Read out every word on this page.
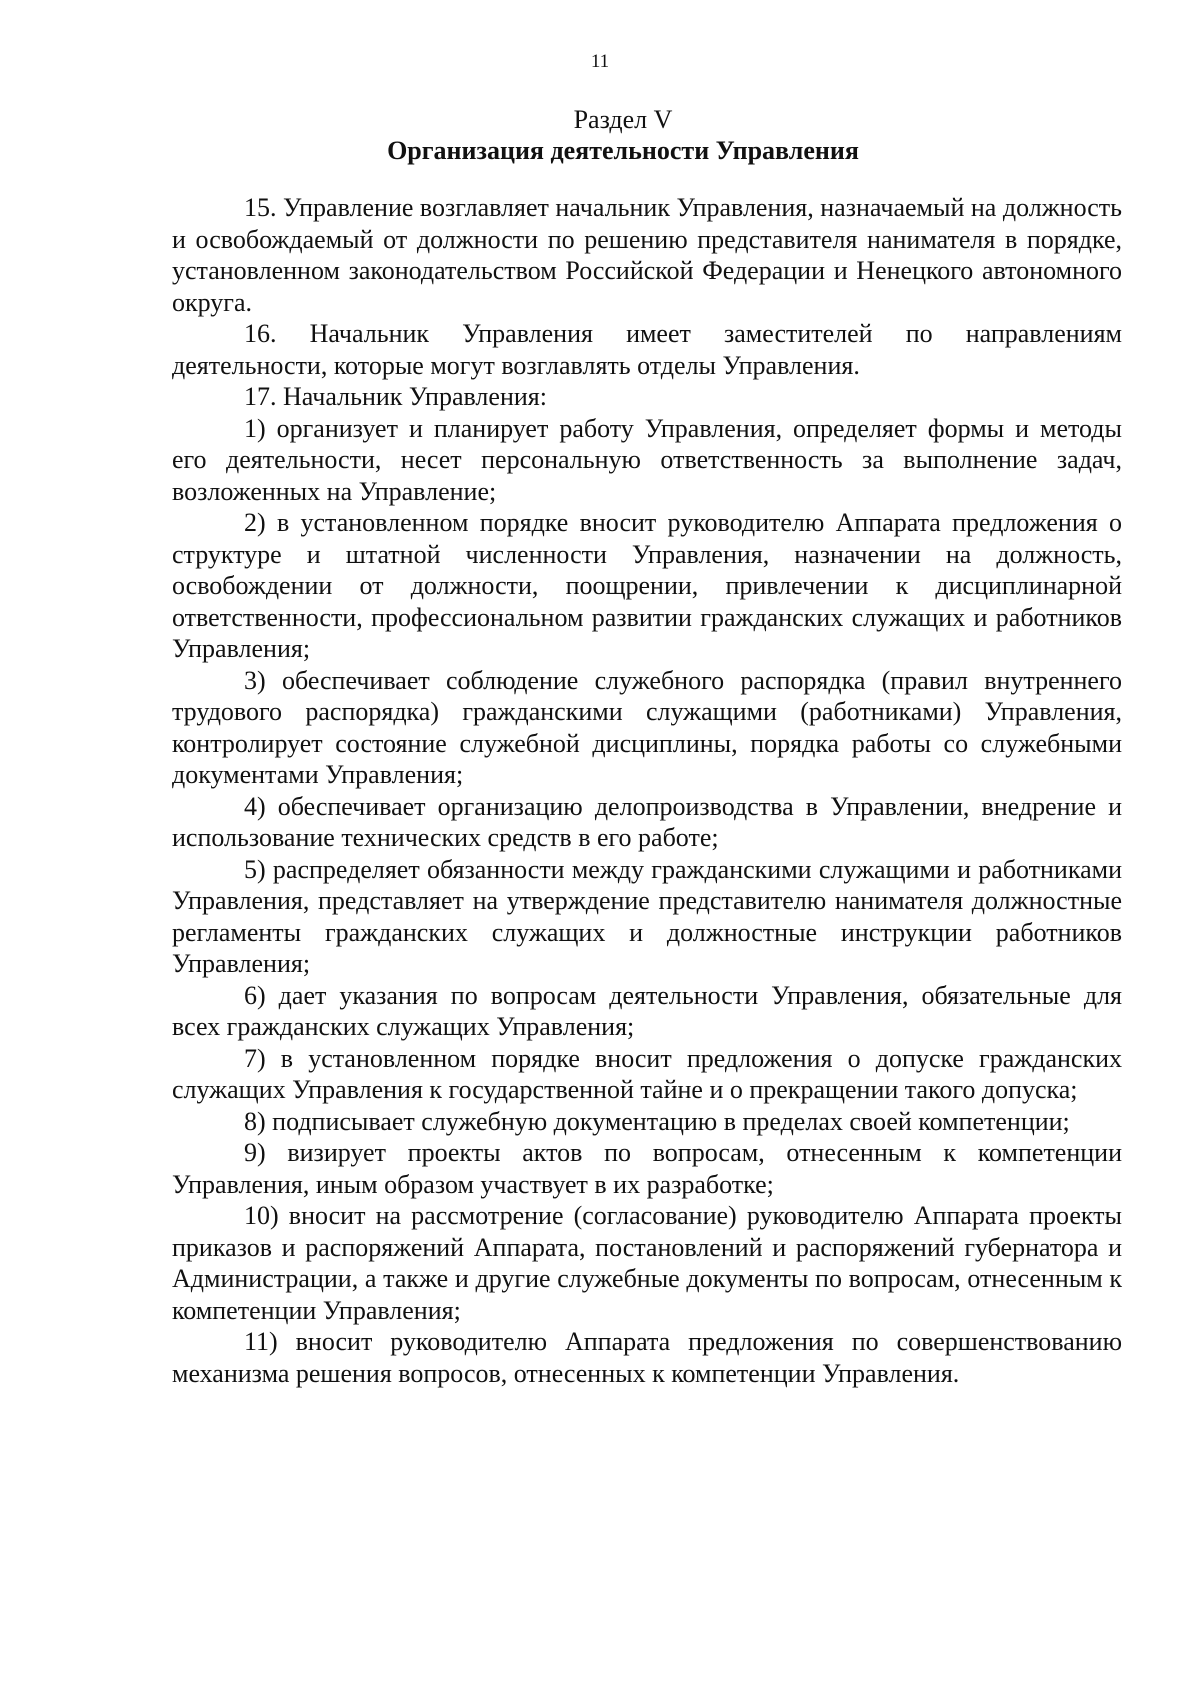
11
Раздел V
Организация деятельности Управления

15. Управление возглавляет начальник Управления, назначаемый на должность и освобождаемый от должности по решению представителя нанимателя в порядке, установленном законодательством Российской Федерации и Ненецкого автономного округа.

16. Начальник Управления имеет заместителей по направлениям деятельности, которые могут возглавлять отделы Управления.

17. Начальник Управления:

1) организует и планирует работу Управления, определяет формы и методы его деятельности, несет персональную ответственность за выполнение задач, возложенных на Управление;

2) в установленном порядке вносит руководителю Аппарата предложения о структуре и штатной численности Управления, назначении на должность, освобождении от должности, поощрении, привлечении к дисциплинарной ответственности, профессиональном развитии гражданских служащих и работников Управления;

3) обеспечивает соблюдение служебного распорядка (правил внутреннего трудового распорядка) гражданскими служащими (работниками) Управления, контролирует состояние служебной дисциплины, порядка работы со служебными документами Управления;

4) обеспечивает организацию делопроизводства в Управлении, внедрение и использование технических средств в его работе;

5) распределяет обязанности между гражданскими служащими и работниками Управления, представляет на утверждение представителю нанимателя должностные регламенты гражданских служащих и должностные инструкции работников Управления;

6) дает указания по вопросам деятельности Управления, обязательные для всех гражданских служащих Управления;

7) в установленном порядке вносит предложения о допуске гражданских служащих Управления к государственной тайне и о прекращении такого допуска;

8) подписывает служебную документацию в пределах своей компетенции;

9) визирует проекты актов по вопросам, отнесенным к компетенции Управления, иным образом участвует в их разработке;

10) вносит на рассмотрение (согласование) руководителю Аппарата проекты приказов и распоряжений Аппарата, постановлений и распоряжений губернатора и Администрации, а также и другие служебные документы по вопросам, отнесенным к компетенции Управления;

11) вносит руководителю Аппарата предложения по совершенствованию механизма решения вопросов, отнесенных к компетенции Управления.
